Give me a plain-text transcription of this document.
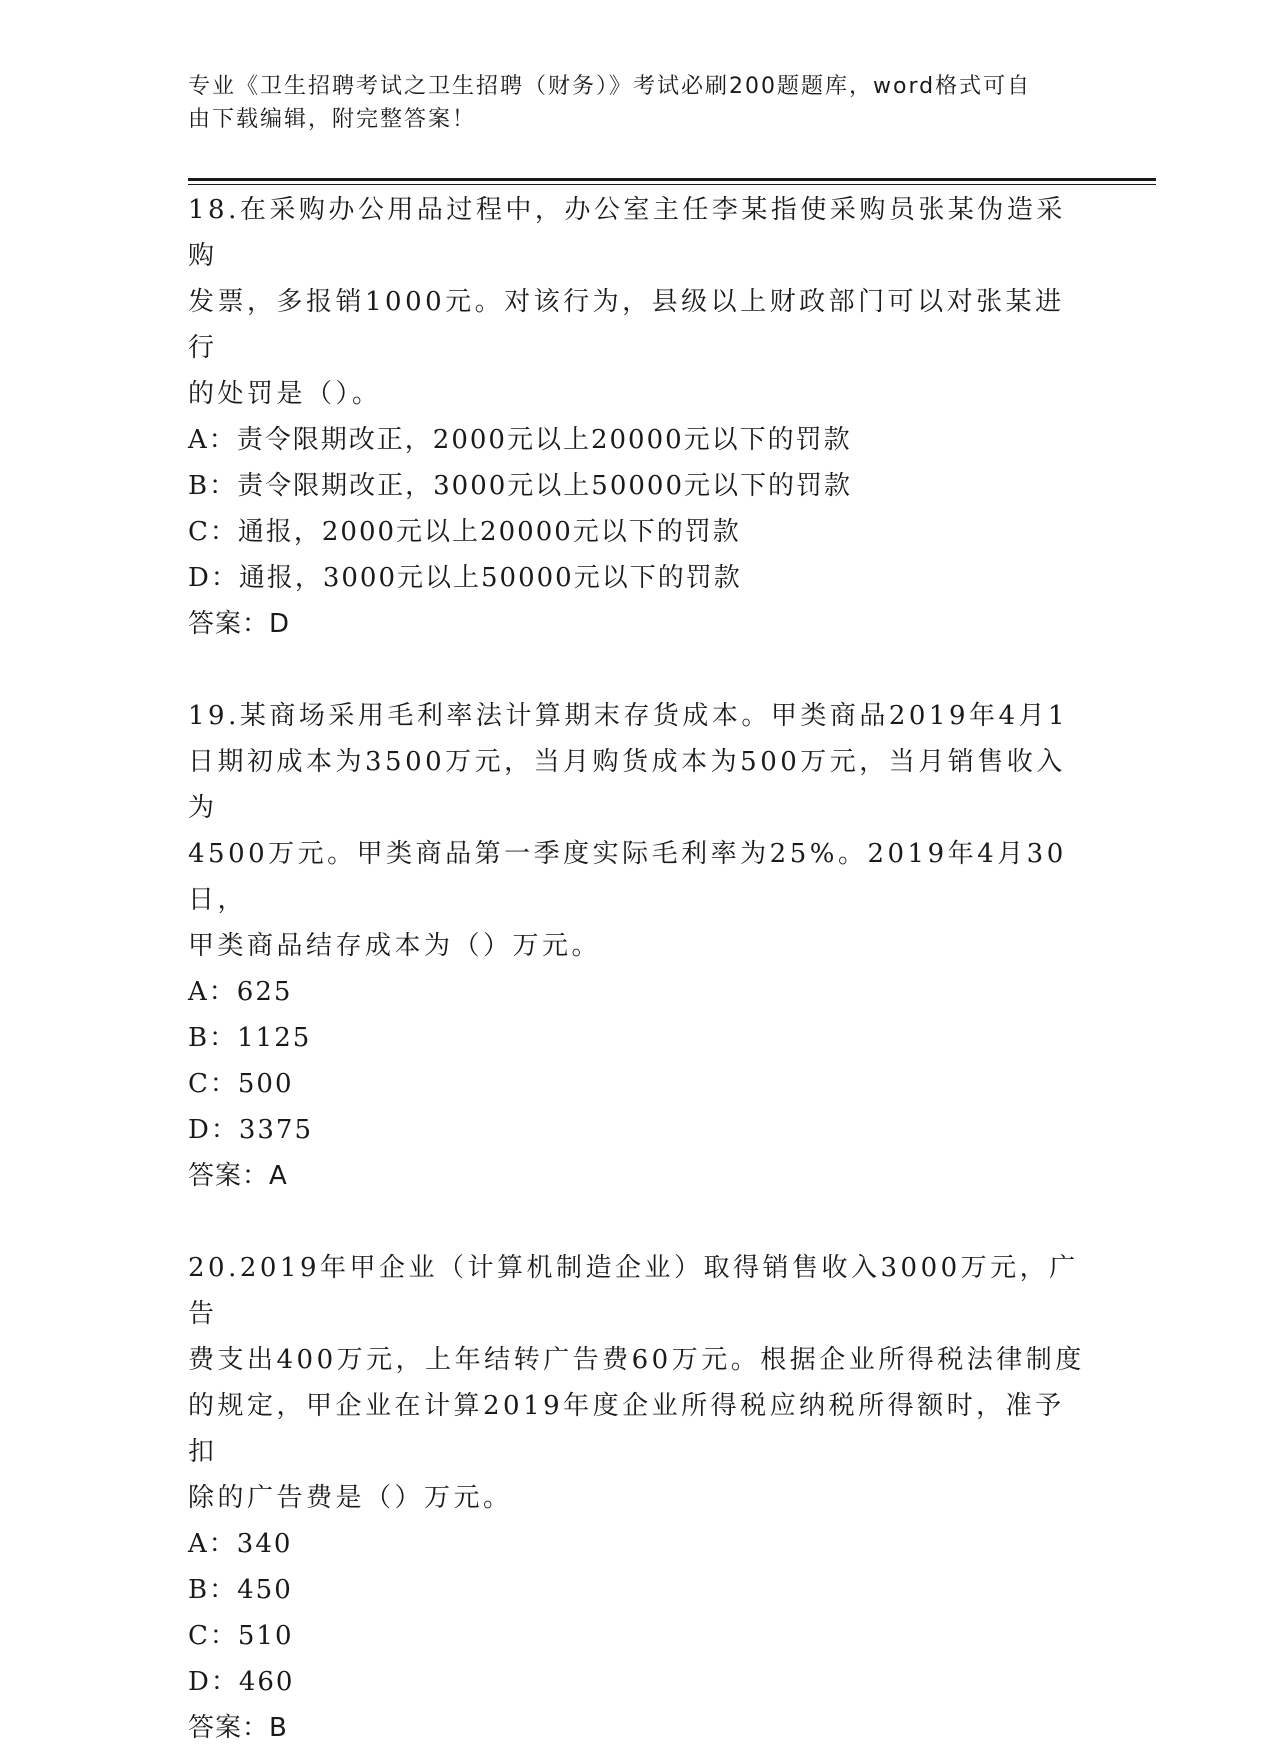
专业《卫生招聘考试之卫生招聘（财务）》考试必刷200题题库，word格式可自
由下载编辑，附完整答案！

18.在采购办公用品过程中，办公室主任李某指使采购员张某伪造采购

发票，多报销1000元。对该行为，县级以上财政部门可以对张某进行

的处罚是（）。

A：责令限期改正，2000元以上20000元以下的罚款

B：责令限期改正，3000元以上50000元以下的罚款

C：通报，2000元以上20000元以下的罚款

D：通报，3000元以上50000元以下的罚款

答案：D

19.某商场采用毛利率法计算期末存货成本。甲类商品2019年4月1

日期初成本为3500万元，当月购货成本为500万元，当月销售收入为

4500万元。甲类商品第一季度实际毛利率为25%。2019年4月30日，

甲类商品结存成本为（）万元。

A：625

B：1125

C：500

D：3375

答案：A

20.2019年甲企业（计算机制造企业）取得销售收入3000万元，广告

费支出400万元，上年结转广告费60万元。根据企业所得税法律制度

的规定，甲企业在计算2019年度企业所得税应纳税所得额时，准予扣

除的广告费是（）万元。

A：340

B：450

C：510

D：460

答案：B
